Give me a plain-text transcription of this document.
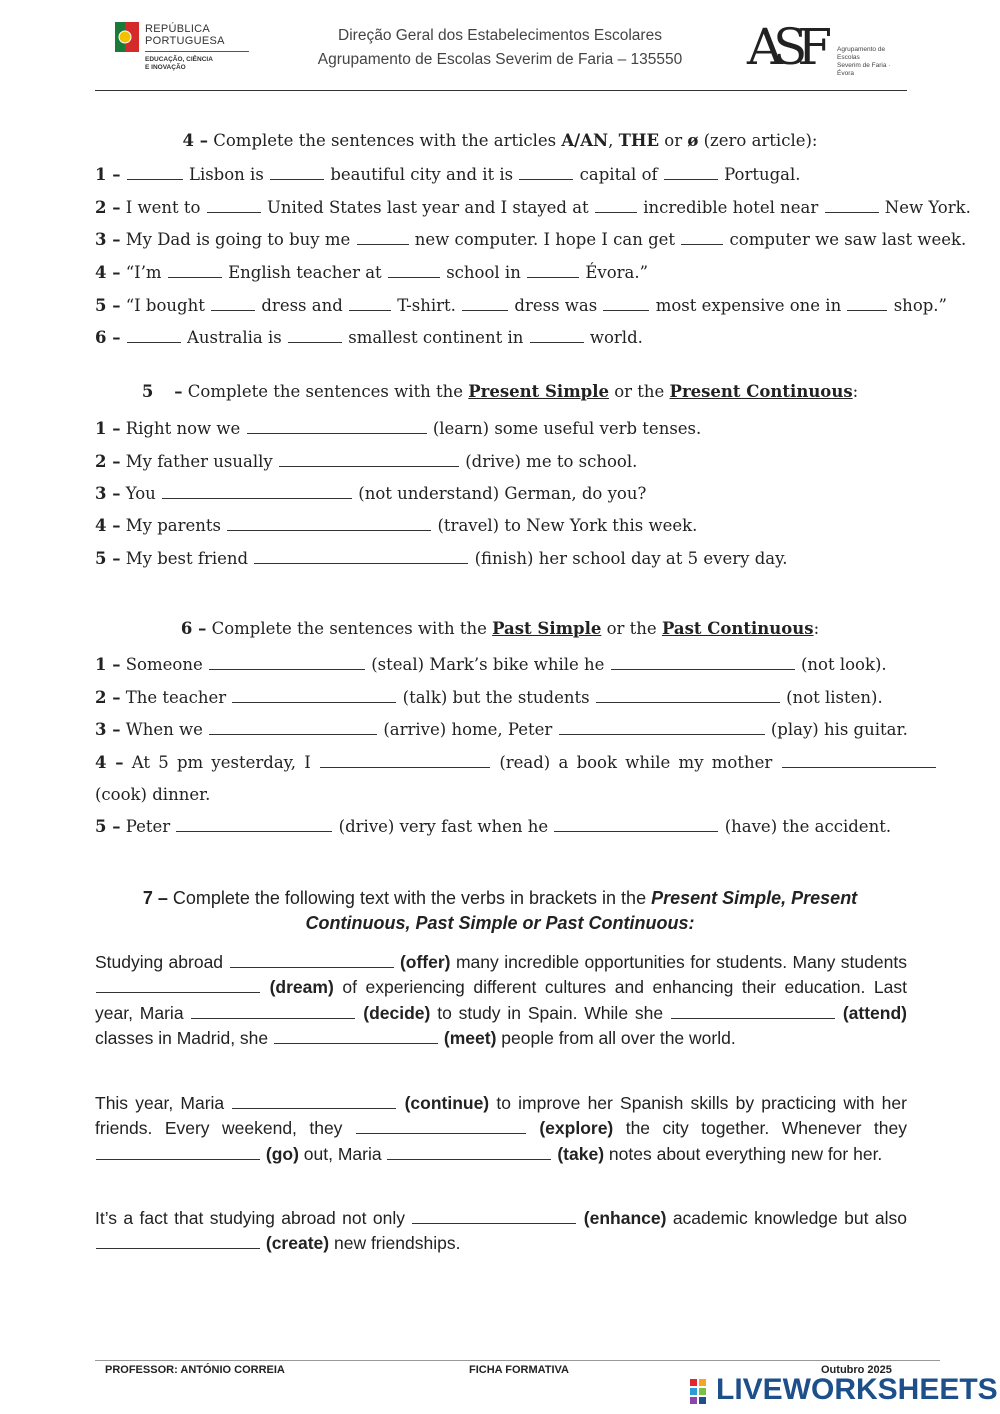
REPÚBLICA
PORTUGUESA
EDUCAÇÃO, CIÊNCIA
E INOVAÇÃO
Direção Geral dos Estabelecimentos Escolares
Agrupamento de Escolas Severim de Faria – 135550	ASF Agrupamento de Escolas
Severim de Faria · Évora
4 – Complete the sentences with the articles A/AN, THE or ø (zero article):
1 –	Lisbon is	beautiful city and it is	capital of	Portugal.
2 – I went to	United States last year and I stayed at	incredible hotel near	New York.
3 – My Dad is going to buy me	new computer. I hope I can get	computer we saw last week.
4 – “I’m	English teacher at	school in	Évora.”
5 – “I bought	dress and	T-shirt.	dress was	most expensive one in	shop.”
6 –	Australia is	smallest continent in	world.
5 – Complete the sentences with the Present Simple or the Present Continuous:
1 – Right now we	(learn) some useful verb tenses.
2 – My father usually	(drive) me to school.
3 – You	(not understand) German, do you?
4 – My parents	(travel) to New York this week.
5 – My best friend	(finish) her school day at 5 every day.
6 – Complete the sentences with the Past Simple or the Past Continuous:
1 – Someone	(steal) Mark’s bike while he	(not look).
2 – The teacher	(talk) but the students	(not listen).
3 – When we	(arrive) home, Peter	(play) his guitar.
4 – At 5 pm yesterday, I	(read) a book while my mother
(cook) dinner.
5 – Peter	(drive) very fast when he	(have) the accident.
7 – Complete the following text with the verbs in brackets in the Present Simple, Present
Continuous, Past Simple or Past Continuous:
Studying abroad	(offer) many incredible opportunities for students. Many students  (dream) of experiencing different cultures and enhancing their education. Last year, Maria	(decide) to study in Spain. While she	(attend) classes in Madrid, she	(meet) people from all over the world.
This year, Maria	(continue) to improve her Spanish skills by practicing with her friends. Every weekend, they	(explore) the city together. Whenever they  (go) out, Maria	(take) notes about everything new for her.
It’s a fact that studying abroad not only	(enhance) academic knowledge but also  (create) new friendships.
PROFESSOR: ANTÓNIO CORREIA	FICHA FORMATIVA	Outubro 2025
LIVEWORKSHEETS
